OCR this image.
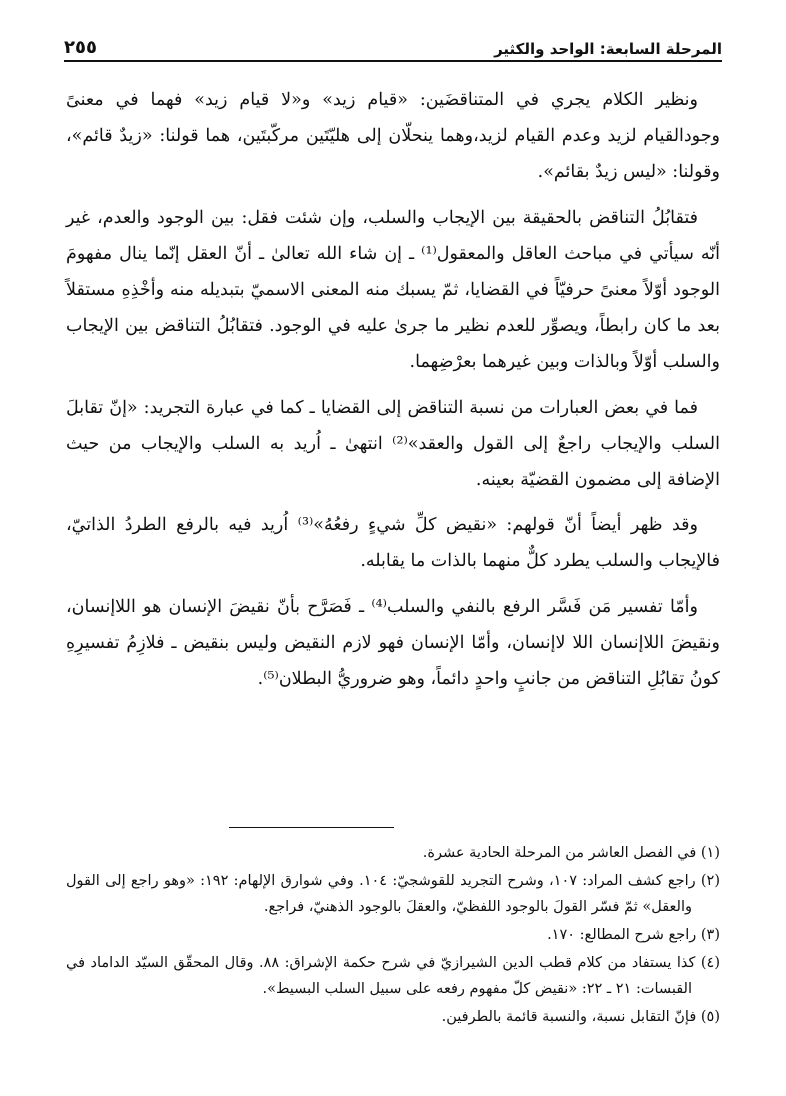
المرحلة السابعة: الواحد والكثير
٢٥٥

ونظير الكلام يجري في المتناقضَين: «قيام زيد» و«لا قيام زيد» فهما في معنىً وجودالقيام لزيد وعدم القيام لزيد،وهما ينحلّان إلى هليّتَين مركّبتَين، هما قولنا: «زيدٌ قائم»، وقولنا: «ليس زيدٌ بقائم».

فتقابُلُ التناقض بالحقيقة بين الإيجاب والسلب، وإن شئت فقل: بين الوجود والعدم، غير أنّه سيأتي في مباحث العاقل والمعقول⁽¹⁾ ـ إن شاء الله تعالىٰ ـ أنّ العقل إنّما ينال مفهومَ الوجود أوّلاً معنىً حرفيّاً في القضايا، ثمّ يسبك منه المعنى الاسميّ بتبديله منه وأخْذِهِ مستقلاً بعد ما كان رابطاً، ويصوِّر للعدم نظير ما جرىٰ عليه في الوجود. فتقابُلُ التناقض بين الإيجاب والسلب أوّلاً وبالذات وبين غيرهما بعرْضِهما.

فما في بعض العبارات من نسبة التناقض إلى القضايا ـ كما في عبارة التجريد: «إنّ تقابلَ السلب والإيجاب راجعٌ إلى القول والعقد»⁽²⁾ انتهىٰ ـ اُريد به السلب والإيجاب من حيث الإضافة إلى مضمون القضيّة بعينه.

وقد ظهر أيضاً أنّ قولهم: «نقيض كلِّ شيءٍ رفعُهُ»⁽³⁾ اُريد فيه بالرفع الطردُ الذاتيّ، فالإيجاب والسلب يطرد كلٌّ منهما بالذات ما يقابله.

وأمّا تفسير مَن فَسَّر الرفع بالنفي والسلب⁽⁴⁾ ـ فَصَرَّح بأنّ نقيضَ الإنسان هو اللاإنسان، ونقيضَ اللاإنسان اللا لاإنسان، وأمّا الإنسان فهو لازم النقيض وليس بنقيض ـ فلازِمُ تفسيرِهِ كونُ تقابُلِ التناقض من جانبٍ واحدٍ دائماً، وهو ضروريُّ البطلان⁽⁵⁾.

(١) في الفصل العاشر من المرحلة الحادية عشرة.

(٢) راجع كشف المراد: ١٠٧، وشرح التجريد للقوشجيّ: ١٠٤. وفي شوارق الإلهام: ١٩٢: «وهو راجع إلى القول والعقل» ثمّ فسّر القولَ بالوجود اللفظيّ، والعقلَ بالوجود الذهنيّ، فراجع.

(٣) راجع شرح المطالع: ١٧٠.

(٤) كذا يستفاد من كلام قطب الدين الشيرازيّ في شرح حكمة الإشراق: ٨٨. وقال المحقّق السيّد الداماد في القبسات: ٢١ ـ ٢٢: «نقيض كلّ مفهوم رفعه على سبيل السلب البسيط».

(٥) فإنّ التقابل نسبة، والنسبة قائمة بالطرفين.
